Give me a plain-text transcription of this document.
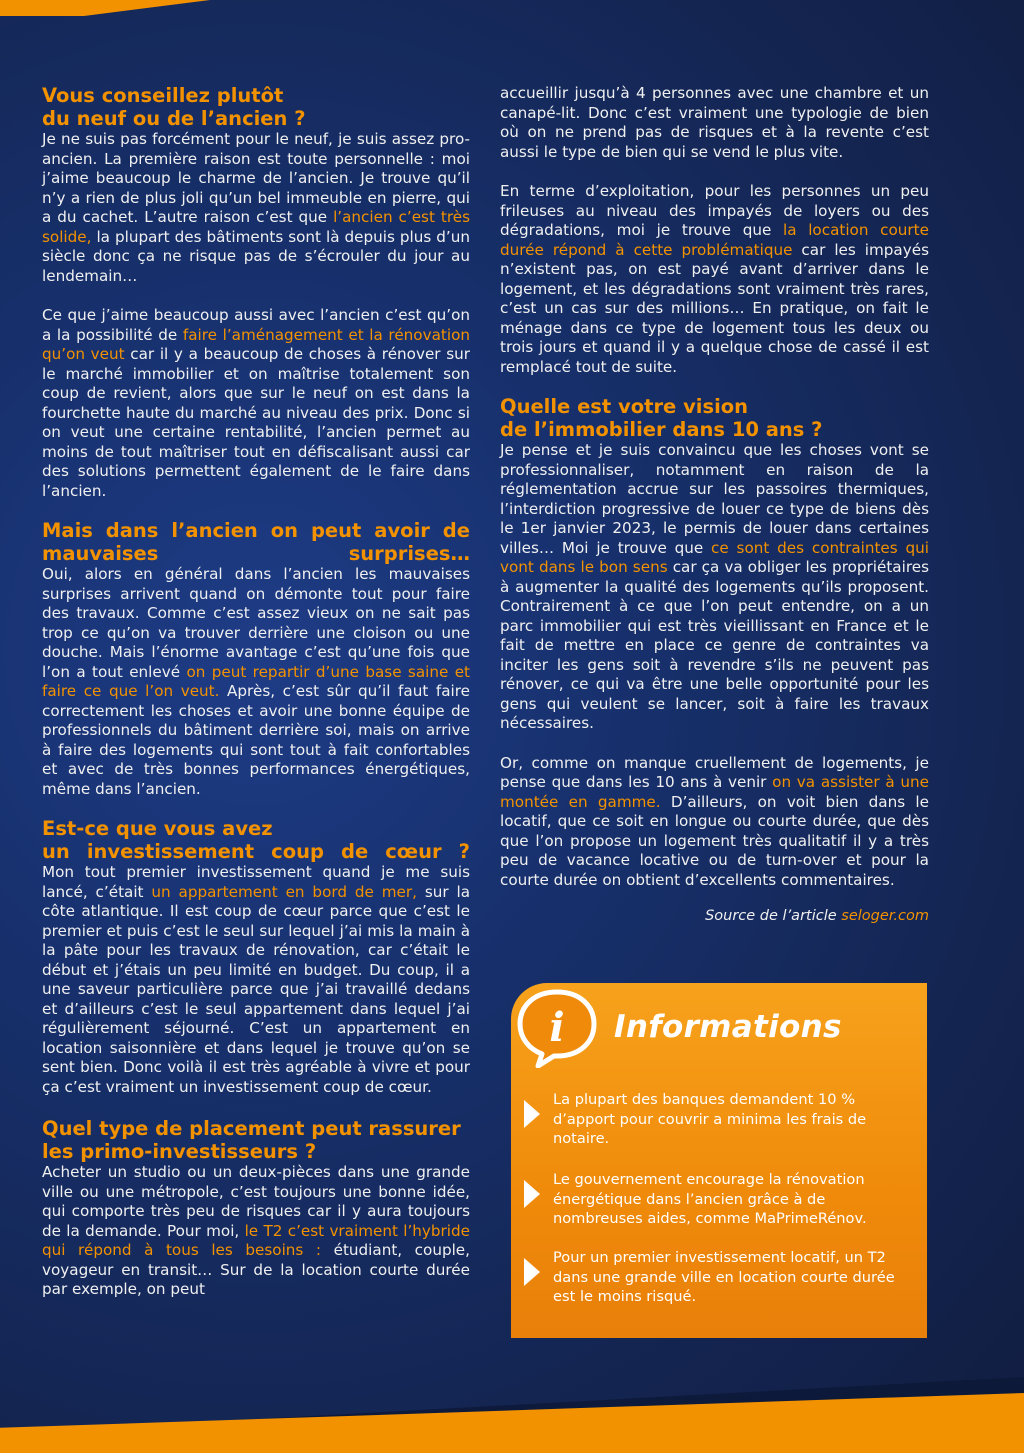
Vous conseillez plutôt
du neuf ou de l’ancien ?

Je ne suis pas forcément pour le neuf, je suis assez pro-ancien. La première raison est toute personnelle : moi j’aime beaucoup le charme de l’ancien. Je trouve qu’il n’y a rien de plus joli qu’un bel immeuble en pierre, qui a du cachet. L’autre raison c’est que l’ancien c’est très solide, la plupart des bâtiments sont là depuis plus d’un siècle donc ça ne risque pas de s’écrouler du jour au lendemain…

Ce que j’aime beaucoup aussi avec l’ancien c’est qu’on a la possibilité de faire l’aménagement et la rénovation qu’on veut car il y a beaucoup de choses à rénover sur le marché immobilier et on maîtrise totalement son coup de revient, alors que sur le neuf on est dans la fourchette haute du marché au niveau des prix. Donc si on veut une certaine rentabilité, l’ancien permet au moins de tout maîtriser tout en défiscalisant aussi car des solutions permettent également de le faire dans l’ancien.

Mais dans l’ancien on peut avoir de mauvaises surprises…

Oui, alors en général dans l’ancien les mauvaises surprises arrivent quand on démonte tout pour faire des travaux. Comme c’est assez vieux on ne sait pas trop ce qu’on va trouver derrière une cloison ou une douche. Mais l’énorme avantage c’est qu’une fois que l’on a tout enlevé on peut repartir d’une base saine et faire ce que l’on veut. Après, c’est sûr qu’il faut faire correctement les choses et avoir une bonne équipe de professionnels du bâtiment derrière soi, mais on arrive à faire des logements qui sont tout à fait confortables et avec de très bonnes performances énergétiques, même dans l’ancien.

Est-ce que vous avez
un investissement coup de cœur ?

Mon tout premier investissement quand je me suis lancé, c’était un appartement en bord de mer, sur la côte atlantique. Il est coup de cœur parce que c’est le premier et puis c’est le seul sur lequel j’ai mis la main à la pâte pour les travaux de rénovation, car c’était le début et j’étais un peu limité en budget. Du coup, il a une saveur particulière parce que j’ai travaillé dedans et d’ailleurs c’est le seul appartement dans lequel j’ai régulièrement séjourné. C’est un appartement en location saisonnière et dans lequel je trouve qu’on se sent bien. Donc voilà il est très agréable à vivre et pour ça c’est vraiment un investissement coup de cœur.

Quel type de placement peut rassurer
les primo-investisseurs ?

Acheter un studio ou un deux-pièces dans une grande ville ou une métropole, c’est toujours une bonne idée, qui comporte très peu de risques car il y aura toujours de la demande. Pour moi, le T2 c’est vraiment l’hybride qui répond à tous les besoins : étudiant, couple, voyageur en transit… Sur de la location courte durée par exemple, on peut

accueillir jusqu’à 4 personnes avec une chambre et un canapé-lit. Donc c’est vraiment une typologie de bien où on ne prend pas de risques et à la revente c’est aussi le type de bien qui se vend le plus vite.

En terme d’exploitation, pour les personnes un peu frileuses au niveau des impayés de loyers ou des dégradations, moi je trouve que la location courte durée répond à cette problématique car les impayés n’existent pas, on est payé avant d’arriver dans le logement, et les dégradations sont vraiment très rares, c’est un cas sur des millions… En pratique, on fait le ménage dans ce type de logement tous les deux ou trois jours et quand il y a quelque chose de cassé il est remplacé tout de suite.

Quelle est votre vision
de l’immobilier dans 10 ans ?

Je pense et je suis convaincu que les choses vont se professionnaliser, notamment en raison de la réglementation accrue sur les passoires thermiques, l’interdiction progressive de louer ce type de biens dès le 1er janvier 2023, le permis de louer dans certaines villes… Moi je trouve que ce sont des contraintes qui vont dans le bon sens car ça va obliger les propriétaires à augmenter la qualité des logements qu’ils proposent. Contrairement à ce que l’on peut entendre, on a un parc immobilier qui est très vieillissant en France et le fait de mettre en place ce genre de contraintes va inciter les gens soit à revendre s’ils ne peuvent pas rénover, ce qui va être une belle opportunité pour les gens qui veulent se lancer, soit à faire les travaux nécessaires.

Or, comme on manque cruellement de logements, je pense que dans les 10 ans à venir on va assister à une montée en gamme. D’ailleurs, on voit bien dans le locatif, que ce soit en longue ou courte durée, que dès que l’on propose un logement très qualitatif il y a très peu de vacance locative ou de turn-over et pour la courte durée on obtient d’excellents commentaires.

Source de l’article seloger.com
i Informations
La plupart des banques demandent 10 % d’apport pour couvrir a minima les frais de notaire.
Le gouvernement encourage la rénovation énergétique dans l’ancien grâce à de nombreuses aides, comme MaPrimeRénov.
Pour un premier investissement locatif, un T2 dans une grande ville en location courte durée est le moins risqué.
